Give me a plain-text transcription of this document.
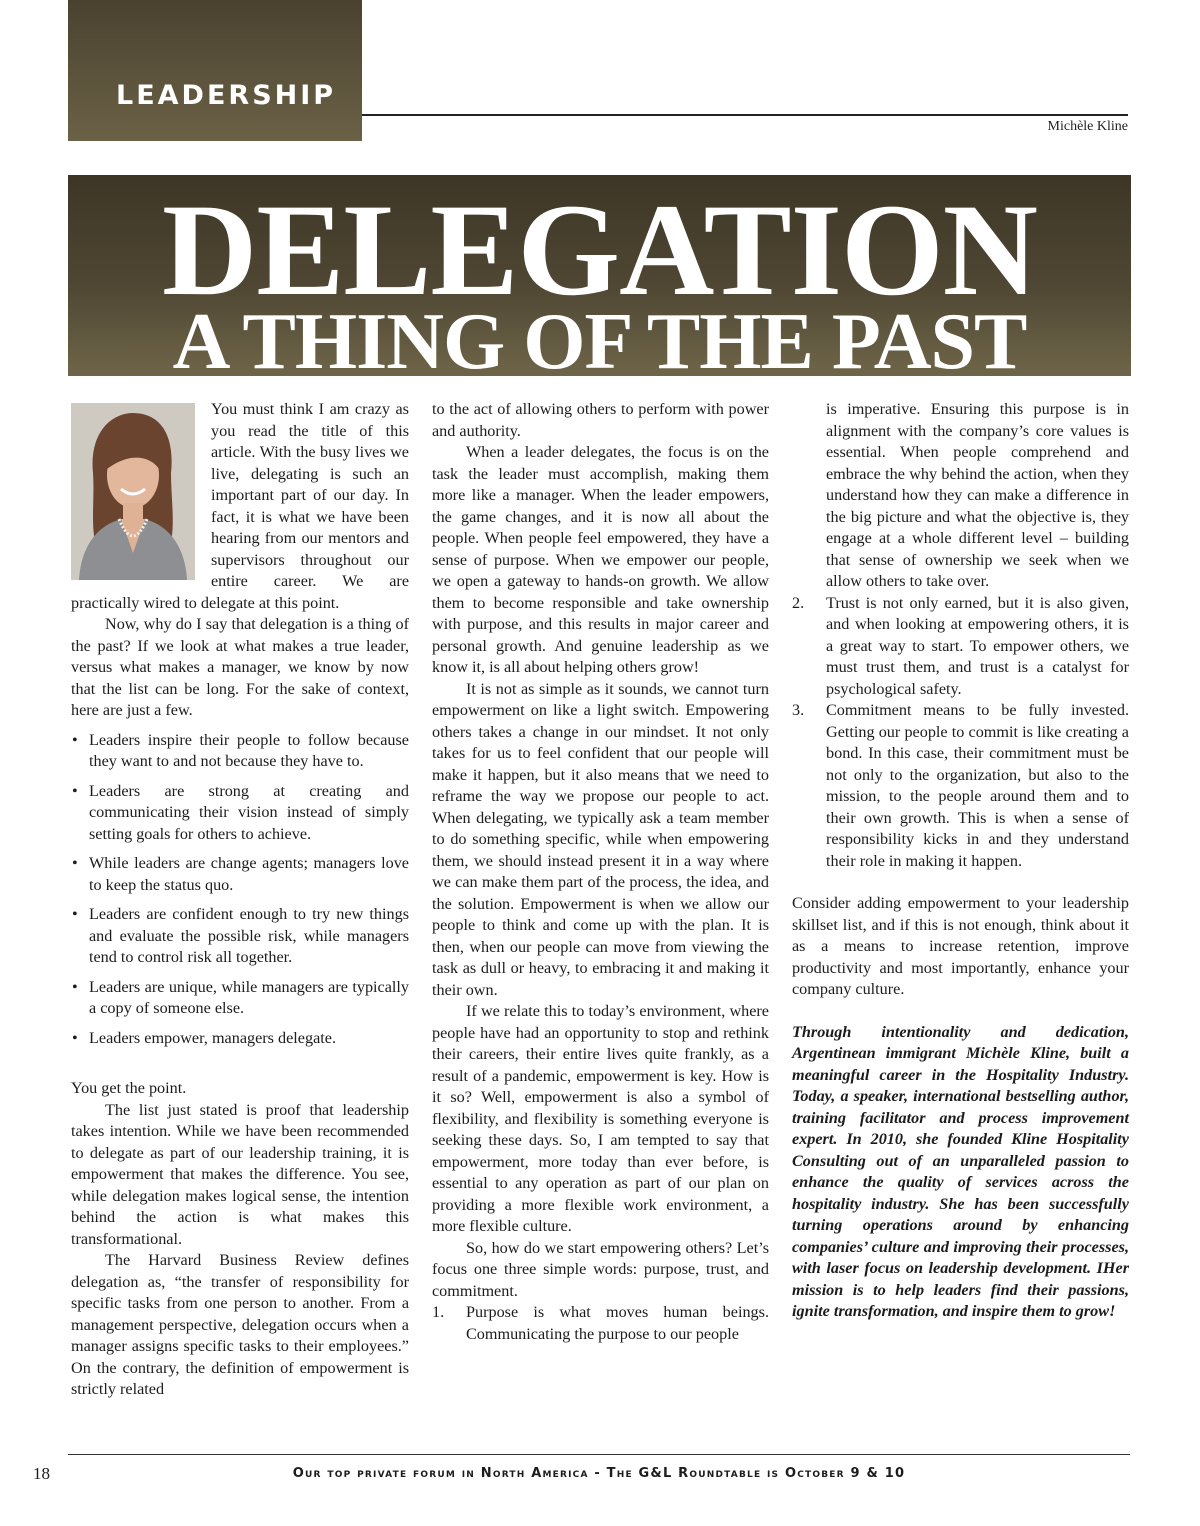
LEADERSHIP
Michèle Kline
DELEGATION
A THING OF THE PAST

You must think I am crazy as you read the title of this article. With the busy lives we live, delegating is such an important part of our day. In fact, it is what we have been hearing from our mentors and supervisors throughout our entire career. We are practically wired to delegate at this point.

Now, why do I say that delegation is a thing of the past? If we look at what makes a true leader, versus what makes a manager, we know by now that the list can be long. For the sake of context, here are just a few.

• Leaders inspire their people to follow because they want to and not because they have to.
• Leaders are strong at creating and communicating their vision instead of simply setting goals for others to achieve.
• While leaders are change agents; managers love to keep the status quo.
• Leaders are confident enough to try new things and evaluate the possible risk, while managers tend to control risk all together.
• Leaders are unique, while managers are typically a copy of someone else.
• Leaders empower, managers delegate.

You get the point.

The list just stated is proof that leadership takes intention. While we have been recommended to delegate as part of our leadership training, it is empowerment that makes the difference. You see, while delegation makes logical sense, the intention behind the action is what makes this transformational.

The Harvard Business Review defines delegation as, “the transfer of responsibility for specific tasks from one person to another. From a management perspective, delegation occurs when a manager assigns specific tasks to their employees.” On the contrary, the definition of empowerment is strictly related

to the act of allowing others to perform with power and authority.

When a leader delegates, the focus is on the task the leader must accomplish, making them more like a manager. When the leader empowers, the game changes, and it is now all about the people. When people feel empowered, they have a sense of purpose. When we empower our people, we open a gateway to hands-on growth. We allow them to become responsible and take ownership with purpose, and this results in major career and personal growth. And genuine leadership as we know it, is all about helping others grow!

It is not as simple as it sounds, we cannot turn empowerment on like a light switch. Empowering others takes a change in our mindset. It not only takes for us to feel confident that our people will make it happen, but it also means that we need to reframe the way we propose our people to act. When delegating, we typically ask a team member to do something specific, while when empowering them, we should instead present it in a way where we can make them part of the process, the idea, and the solution. Empowerment is when we allow our people to think and come up with the plan. It is then, when our people can move from viewing the task as dull or heavy, to embracing it and making it their own.

If we relate this to today’s environment, where people have had an opportunity to stop and rethink their careers, their entire lives quite frankly, as a result of a pandemic, empowerment is key. How is it so? Well, empowerment is also a symbol of flexibility, and flexibility is something everyone is seeking these days. So, I am tempted to say that empowerment, more today than ever before, is essential to any operation as part of our plan on providing a more flexible work environment, a more flexible culture.

So, how do we start empowering others? Let’s focus one three simple words: purpose, trust, and commitment.

1. Purpose is what moves human beings. Communicating the purpose to our people

is imperative. Ensuring this purpose is in alignment with the company’s core values is essential. When people comprehend and embrace the why behind the action, when they understand how they can make a difference in the big picture and what the objective is, they engage at a whole different level – building that sense of ownership we seek when we allow others to take over.

2. Trust is not only earned, but it is also given, and when looking at empowering others, it is a great way to start. To empower others, we must trust them, and trust is a catalyst for psychological safety.
3. Commitment means to be fully invested. Getting our people to commit is like creating a bond. In this case, their commitment must be not only to the organization, but also to the mission, to the people around them and to their own growth. This is when a sense of responsibility kicks in and they understand their role in making it happen.

Consider adding empowerment to your leadership skillset list, and if this is not enough, think about it as a means to increase retention, improve productivity and most importantly, enhance your company culture.

Through intentionality and dedication, Argentinean immigrant Michèle Kline, built a meaningful career in the Hospitality Industry. Today, a speaker, international bestselling author, training facilitator and process improvement expert. In 2010, she founded Kline Hospitality Consulting out of an unparalleled passion to enhance the quality of services across the hospitality industry. She has been successfully turning operations around by enhancing companies’ culture and improving their processes, with laser focus on leadership development. IHer mission is to help leaders find their passions, ignite transformation, and inspire them to grow!

18	Our top private forum in North America - The G&L Roundtable is October 9 & 10
